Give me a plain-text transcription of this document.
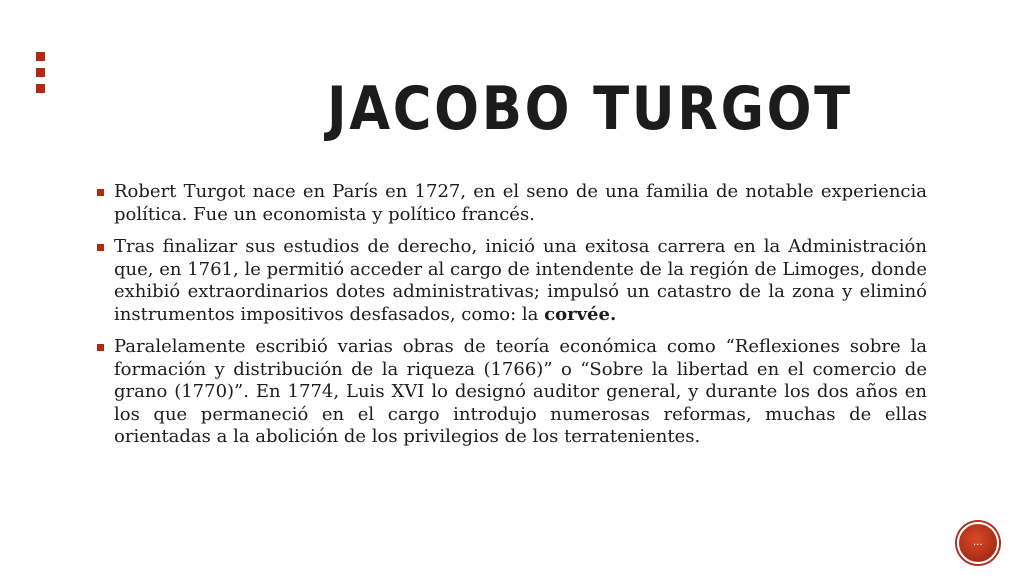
JACOBO TURGOT

Robert Turgot nace en París en 1727, en el seno de una familia de notable experiencia política. Fue un economista y político francés.

Tras finalizar sus estudios de derecho, inició una exitosa carrera en la Administración que, en 1761, le permitió acceder al cargo de intendente de la región de Limoges, donde exhibió extraordinarios dotes administrativas; impulsó un catastro de la zona y eliminó instrumentos impositivos desfasados, como: la corvée.

Paralelamente escribió varias obras de teoría económica como “Reflexiones sobre la formación y distribución de la riqueza (1766)” o “Sobre la libertad en el comercio de grano (1770)”. En 1774, Luis XVI lo designó auditor general, y durante los dos años en los que permaneció en el cargo introdujo numerosas reformas, muchas de ellas orientadas a la abolición de los privilegios de los terratenientes.

···
